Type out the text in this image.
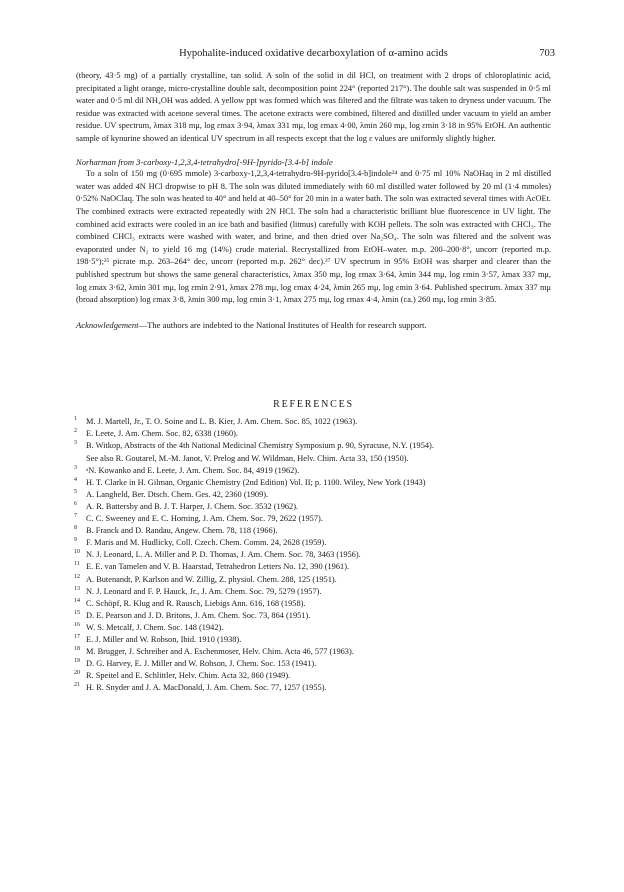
Hypohalite-induced oxidative decarboxylation of α-amino acids	703

(theory, 43·5 mg) of a partially crystalline, tan solid. A soln of the solid in dil HCl, on treatment with 2 drops of chloroplatinic acid, precipitated a light orange, micro-crystalline double salt, decomposition point 224° (reported 217°). The double salt was suspended in 0·5 ml water and 0·5 ml dil NH₄OH was added. A yellow ppt was formed which was filtered and the filtrate was taken to dryness under vacuum. The residue was extracted with acetone several times. The acetone extracts were combined, filtered and distilled under vacuum to yield an amber residue. UV spectrum, λmax 318 mμ, log εmax 3·94, λmax 331 mμ, log εmax 4·00, λmin 260 mμ, log εmin 3·18 in 95% EtOH. An authentic sample of kynurine showed an identical UV spectrum in all respects except that the log ε values are uniformly slightly higher.

Norharman from 3-carboxy-1,2,3,4-tetrahydro[-9H-]pyrido-[3.4-b] indole

To a soln of 150 mg (0·695 mmole) 3-carboxy-1,2,3,4-tetrahydro-9H-pyrido[3.4-b]indole²⁴ and 0·75 ml 10% NaOHaq in 2 ml distilled water was added 4N HCl dropwise to pH 8. The soln was diluted immediately with 60 ml distilled water followed by 20 ml (1·4 mmoles) 0·52% NaOClaq. The soln was heated to 40° and held at 40–50° for 20 min in a water bath. The soln was extracted several times with AcOEt. The combined extracts were extracted repeatedly with 2N HCl. The soln had a characteristic brilliant blue fluorescence in UV light. The combined acid extracts were cooled in an ice bath and basified (litmus) carefully with KOH pellets. The soln was extracted with CHCl₃. The combined CHCl₃ extracts were washed with water, and brine, and then dried over Na₂SO₄. The soln was filtered and the solvent was evaporated under N₂ to yield 16 mg (14%) crude material. Recrystallized from EtOH–water. m.p. 200–200·8°, uncorr (reported m.p. 198·5°);²⁵ picrate m.p. 263–264° dec, uncorr (reported m.p. 262° dec).²⁷ UV spectrum in 95% EtOH was sharper and clearer than the published spectrum but shows the same general characteristics, λmax 350 mμ, log εmax 3·64, λmin 344 mμ, log εmin 3·57, λmax 337 mμ, log εmax 3·62, λmin 301 mμ, log εmin 2·91, λmax 278 mμ, log εmax 4·24, λmin 265 mμ, log εmin 3·64. Published spectrum. λmax 337 mμ (broad absorption) log εmax 3·8, λmin 300 mμ, log εmin 3·1, λmax 275 mμ, log εmax 4·4, λmin (ca.) 260 mμ, log εmin 3·85.

Acknowledgement—The authors are indebted to the National Institutes of Health for research support.

REFERENCES

1 M. J. Martell, Jr., T. O. Soine and L. B. Kier, J. Am. Chem. Soc. 85, 1022 (1963).

2 E. Leete, J. Am. Chem. Soc. 82, 6338 (1960).

3 B. Witkop, Abstracts of the 4th National Medicinal Chemistry Symposium p. 90, Syracuse, N.Y. (1954).
See also R. Goutarel, M.-M. Janot, V. Prelog and W. Wildman, Helv. Chim. Acta 33, 150 (1950).

3 ᵃN. Kowanko and E. Leete, J. Am. Chem. Soc. 84, 4919 (1962).

4 H. T. Clarke in H. Gilman, Organic Chemistry (2nd Edition) Vol. II; p. 1100. Wiley, New York (1943)

5 A. Langheld, Ber. Dtsch. Chem. Ges. 42, 2360 (1909).

6 A. R. Battersby and B. J. T. Harper, J. Chem. Soc. 3532 (1962).

7 C. C. Sweeney and E. C. Horning, J. Am. Chem. Soc. 79, 2622 (1957).

8 B. Franck and D. Randau, Angew. Chem. 78, 118 (1966).

9 F. Maris and M. Hudlicky, Coll. Czech. Chem. Comm. 24, 2628 (1959).

10 N. J. Leonard, L. A. Miller and P. D. Thomas, J. Am. Chem. Soc. 78, 3463 (1956).

11 E. E. van Tamelen and V. B. Haarstad, Tetrahedron Letters No. 12, 390 (1961).

12 A. Butenandt, P. Karlson and W. Zillig, Z. physiol. Chem. 288, 125 (1951).

13 N. J. Leonard and F. P. Hauck, Jr., J. Am. Chem. Soc. 79, 5279 (1957).

14 C. Schöpf, R. Klug and R. Rausch, Liebigs Ann. 616, 168 (1958).

15 D. E. Pearson and J. D. Britons, J. Am. Chem. Soc. 73, 864 (1951).

16 W. S. Metcalf, J. Chem. Soc. 148 (1942).

17 E. J. Miller and W. Robson, Ibid. 1910 (1938).

18 M. Brugger, J. Schreiber and A. Eschenmoser, Helv. Chim. Acta 46, 577 (1963).

19 D. G. Harvey, E. J. Miller and W. Robson, J. Chem. Soc. 153 (1941).

20 R. Speitel and E. Schlittler, Helv. Chim. Acta 32, 860 (1949).

21 H. R. Snyder and J. A. MacDonald, J. Am. Chem. Soc. 77, 1257 (1955).
